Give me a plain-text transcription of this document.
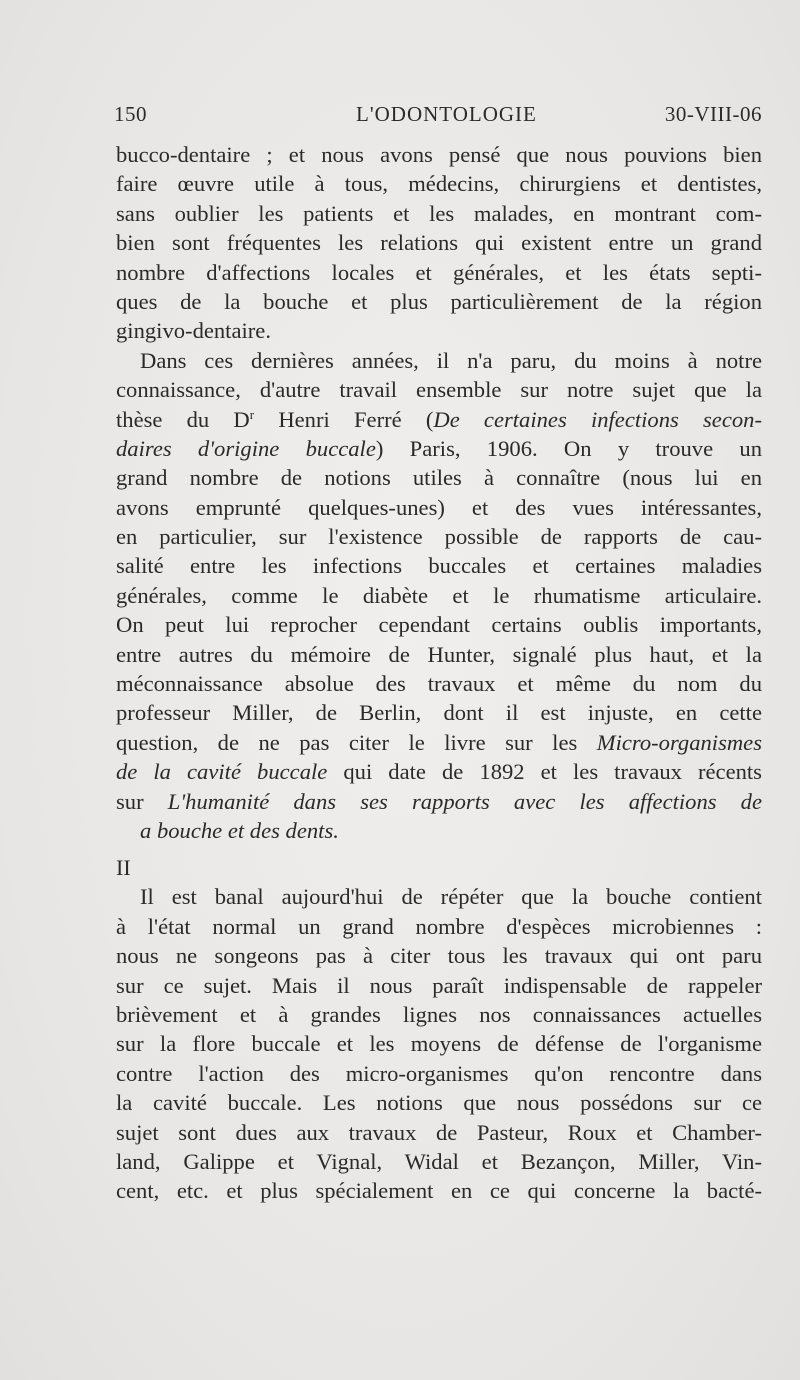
150	L'ODONTOLOGIE	30-VIII-06

bucco-dentaire ; et nous avons pensé que nous pouvions bien
faire œuvre utile à tous, médecins, chirurgiens et dentistes,
sans oublier les patients et les malades, en montrant com-
bien sont fréquentes les relations qui existent entre un grand
nombre d'affections locales et générales, et les états septi-
ques de la bouche et plus particulièrement de la région
gingivo-dentaire.

Dans ces dernières années, il n'a paru, du moins à notre
connaissance, d'autre travail ensemble sur notre sujet que la
thèse du $D^r$ Henri Ferré (De certaines infections secon-
daires d'origine buccale) Paris, 1906. On y trouve un
grand nombre de notions utiles à connaître (nous lui en
avons emprunté quelques-unes) et des vues intéressantes,
en particulier, sur l'existence possible de rapports de cau-
salité entre les infections buccales et certaines maladies
générales, comme le diabète et le rhumatisme articulaire.
On peut lui reprocher cependant certains oublis importants,
entre autres du mémoire de Hunter, signalé plus haut, et la
méconnaissance absolue des travaux et même du nom du
professeur Miller, de Berlin, dont il est injuste, en cette
question, de ne pas citer le livre sur les Micro-organismes
de la cavité buccale qui date de 1892 et les travaux récents
sur L'humanité dans ses rapports avec les affections de
a bouche et des dents.

II

Il est banal aujourd'hui de répéter que la bouche contient
à l'état normal un grand nombre d'espèces microbiennes :
nous ne songeons pas à citer tous les travaux qui ont paru
sur ce sujet. Mais il nous paraît indispensable de rappeler
brièvement et à grandes lignes nos connaissances actuelles
sur la flore buccale et les moyens de défense de l'organisme
contre l'action des micro-organismes qu'on rencontre dans
la cavité buccale. Les notions que nous possédons sur ce
sujet sont dues aux travaux de Pasteur, Roux et Chamber-
land, Galippe et Vignal, Widal et Bezançon, Miller, Vin-
cent, etc. et plus spécialement en ce qui concerne la bacté-
